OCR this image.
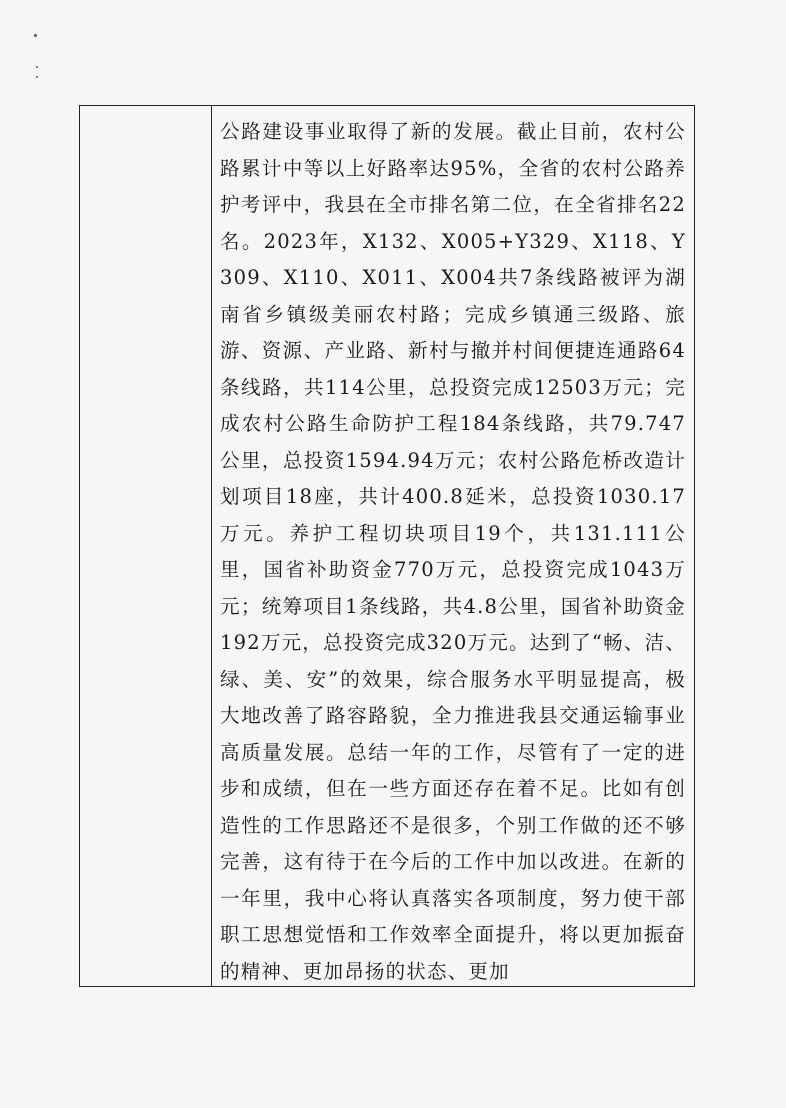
公路建设事业取得了新的发展。截止目前，农村公路累计中等以上好路率达95%，全省的农村公路养护考评中，我县在全市排名第二位，在全省排名22名。2023年，X132、X005+Y329、X118、Y309、X110、X011、X004共7条线路被评为湖南省乡镇级美丽农村路；完成乡镇通三级路、旅游、资源、产业路、新村与撤并村间便捷连通路64条线路，共114公里，总投资完成12503万元；完成农村公路生命防护工程184条线路，共79.747公里，总投资1594.94万元；农村公路危桥改造计划项目18座，共计400.8延米，总投资1030.17万元。养护工程切块项目19个，共131.111公里，国省补助资金770万元，总投资完成1043万元；统筹项目1条线路，共4.8公里，国省补助资金192万元，总投资完成320万元。达到了“畅、洁、绿、美、安”的效果，综合服务水平明显提高，极大地改善了路容路貌，全力推进我县交通运输事业高质量发展。总结一年的工作，尽管有了一定的进步和成绩，但在一些方面还存在着不足。比如有创造性的工作思路还不是很多，个别工作做的还不够完善，这有待于在今后的工作中加以改进。在新的一年里，我中心将认真落实各项制度，努力使干部职工思想觉悟和工作效率全面提升，将以更加振奋的精神、更加昂扬的状态、更加
